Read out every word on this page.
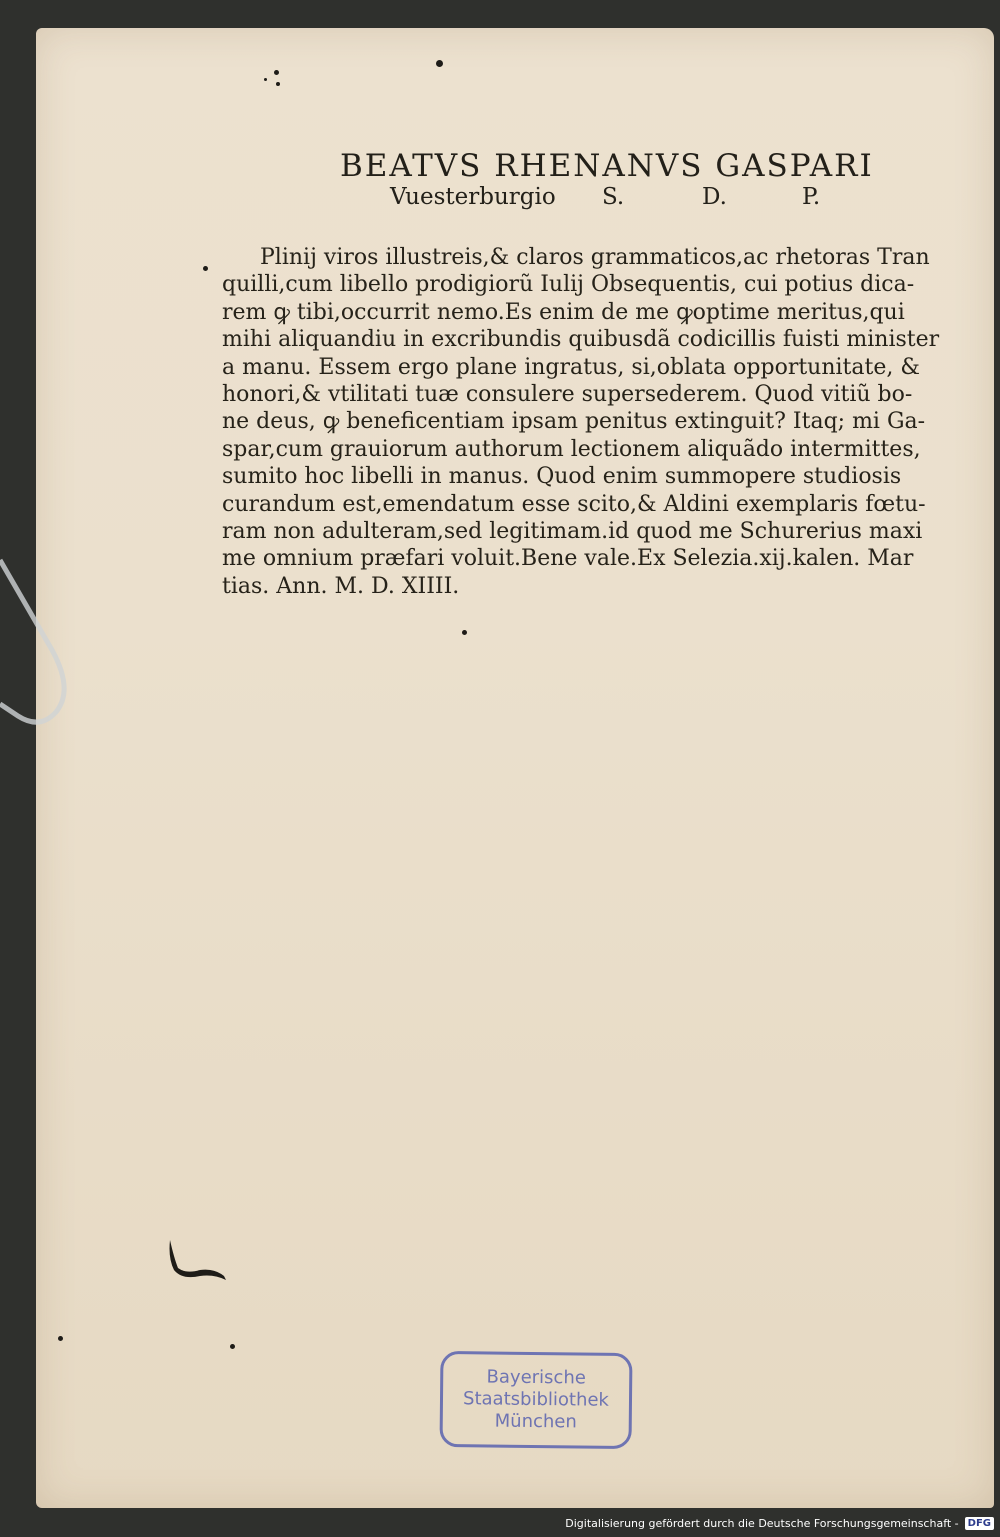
BEATVS RHENANVS GASPARI
Vuesterburgio S.	D.	P.
Plinij viros illustreis,& claros grammaticos,ac rhetoras Tran
quilli,cum libello prodigiorũ Iulij Obsequentis, cui potius dica-
rem ꝙ tibi,occurrit nemo.Es enim de me ꝙoptime meritus,qui
mihi aliquandiu in excribundis quibusdã codicillis fuisti minister
a manu. Essem ergo plane ingratus, si,oblata opportunitate, &
honori,& vtilitati tuæ consulere supersederem. Quod vitiũ bo-
ne deus, ꝙ beneficentiam ipsam penitus extinguit? Itaq; mi Ga-
spar,cum grauiorum authorum lectionem aliquãdo intermittes,
sumito hoc libelli in manus. Quod enim summopere studiosis
curandum est,emendatum esse scito,& Aldini exemplaris fœtu-
ram non adulteram,sed legitimam.id quod me Schurerius maxi
me omnium præfari voluit.Bene vale.Ex Selezia.xij.kalen. Mar
tias. Ann. M. D. XIIII.
Bayerische
Staatsbibliothek
München
Digitalisierung gefördert durch die Deutsche Forschungsgemeinschaft - DFG
